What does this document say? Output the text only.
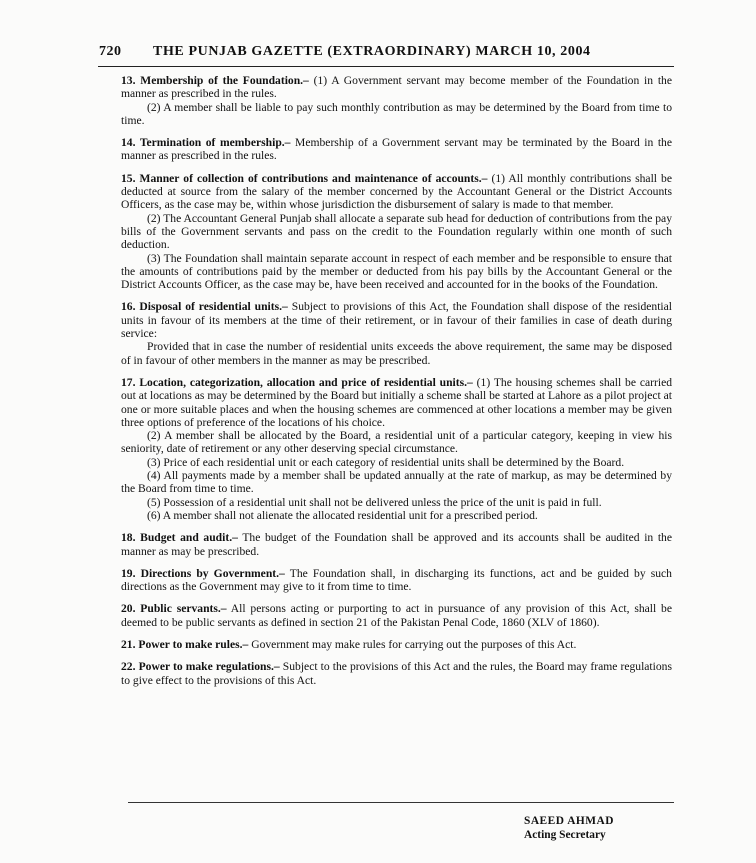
720 THE PUNJAB GAZETTE (EXTRAORDINARY) MARCH 10, 2004

13. Membership of the Foundation.– (1) A Government servant may become member of the Foundation in the manner as prescribed in the rules.

(2) A member shall be liable to pay such monthly contribution as may be determined by the Board from time to time.

14. Termination of membership.– Membership of a Government servant may be terminated by the Board in the manner as prescribed in the rules.

15. Manner of collection of contributions and maintenance of accounts.– (1) All monthly contributions shall be deducted at source from the salary of the member concerned by the Accountant General or the District Accounts Officers, as the case may be, within whose jurisdiction the disbursement of salary is made to that member.

(2) The Accountant General Punjab shall allocate a separate sub head for deduction of contributions from the pay bills of the Government servants and pass on the credit to the Foundation regularly within one month of such deduction.

(3) The Foundation shall maintain separate account in respect of each member and be responsible to ensure that the amounts of contributions paid by the member or deducted from his pay bills by the Accountant General or the District Accounts Officer, as the case may be, have been received and accounted for in the books of the Foundation.

16. Disposal of residential units.– Subject to provisions of this Act, the Foundation shall dispose of the residential units in favour of its members at the time of their retirement, or in favour of their families in case of death during service:

Provided that in case the number of residential units exceeds the above requirement, the same may be disposed of in favour of other members in the manner as may be prescribed.

17. Location, categorization, allocation and price of residential units.– (1) The housing schemes shall be carried out at locations as may be determined by the Board but initially a scheme shall be started at Lahore as a pilot project at one or more suitable places and when the housing schemes are commenced at other locations a member may be given three options of preference of the locations of his choice.

(2) A member shall be allocated by the Board, a residential unit of a particular category, keeping in view his seniority, date of retirement or any other deserving special circumstance.

(3) Price of each residential unit or each category of residential units shall be determined by the Board.

(4) All payments made by a member shall be updated annually at the rate of markup, as may be determined by the Board from time to time.

(5) Possession of a residential unit shall not be delivered unless the price of the unit is paid in full.

(6) A member shall not alienate the allocated residential unit for a prescribed period.

18. Budget and audit.– The budget of the Foundation shall be approved and its accounts shall be audited in the manner as may be prescribed.

19. Directions by Government.– The Foundation shall, in discharging its functions, act and be guided by such directions as the Government may give to it from time to time.

20. Public servants.– All persons acting or purporting to act in pursuance of any provision of this Act, shall be deemed to be public servants as defined in section 21 of the Pakistan Penal Code, 1860 (XLV of 1860).

21. Power to make rules.– Government may make rules for carrying out the purposes of this Act.

22. Power to make regulations.– Subject to the provisions of this Act and the rules, the Board may frame regulations to give effect to the provisions of this Act.

SAEED AHMAD
Acting Secretary
